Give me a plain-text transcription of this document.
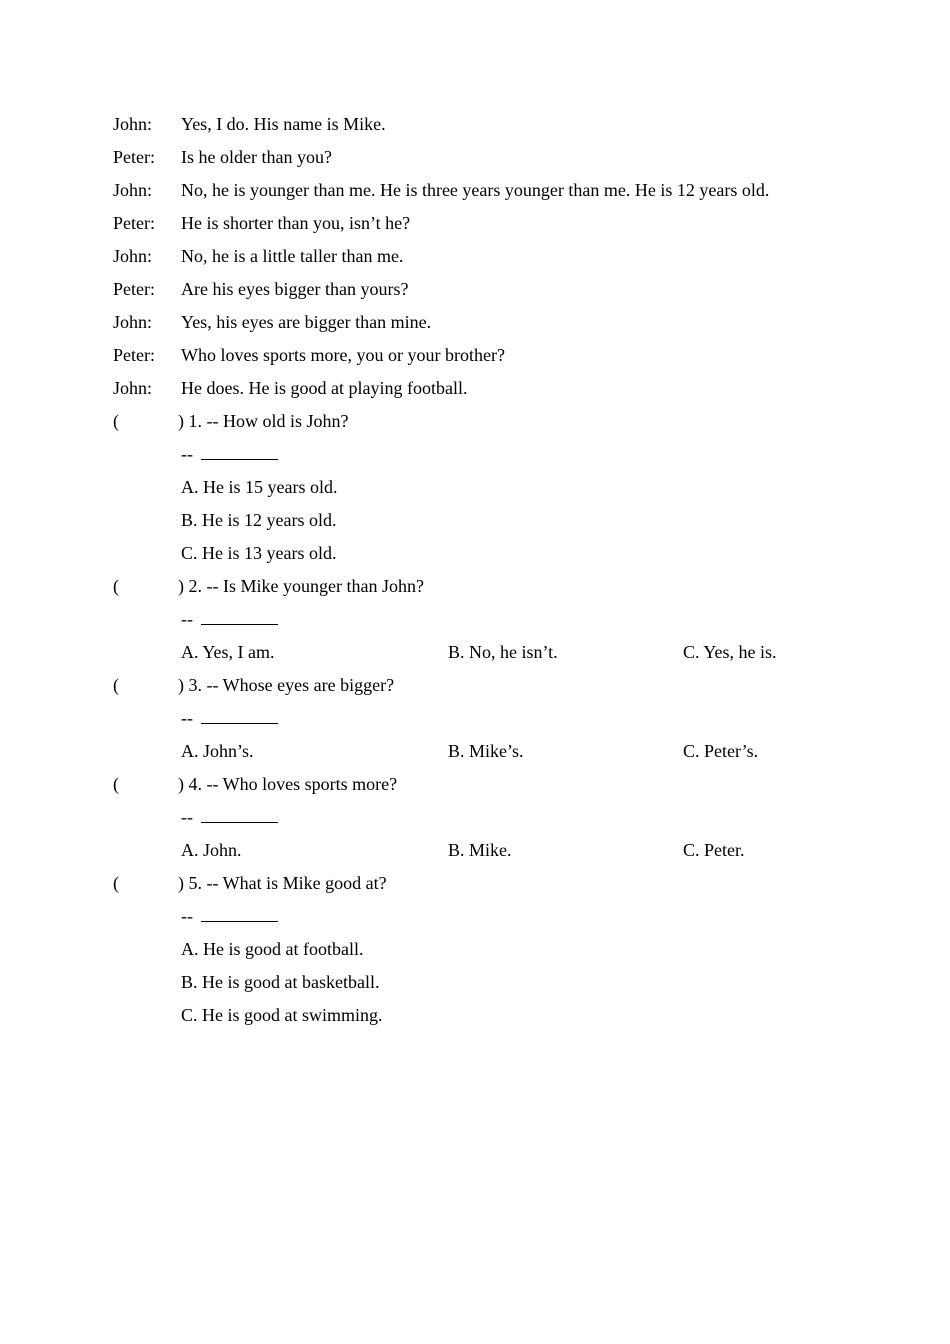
John: Yes, I do. His name is Mike.
Peter: Is he older than you?
John: No, he is younger than me. He is three years younger than me. He is 12 years old.
Peter: He is shorter than you, isn’t he?
John: No, he is a little taller than me.
Peter: Are his eyes bigger than yours?
John: Yes, his eyes are bigger than mine.
Peter: Who loves sports more, you or your brother?
John: He does. He is good at playing football.
(	) 1. -- How old is John?
--
A. He is 15 years old.
B. He is 12 years old.
C. He is 13 years old.
(	) 2. -- Is Mike younger than John?
--
A. Yes, I am.	B. No, he isn’t.	C. Yes, he is.
(	) 3. -- Whose eyes are bigger?
--
A. John’s.	B. Mike’s.	C. Peter’s.
(	) 4. -- Who loves sports more?
--
A. John.	B. Mike.	C. Peter.
(	) 5. -- What is Mike good at?
--
A. He is good at football.
B. He is good at basketball.
C. He is good at swimming.
